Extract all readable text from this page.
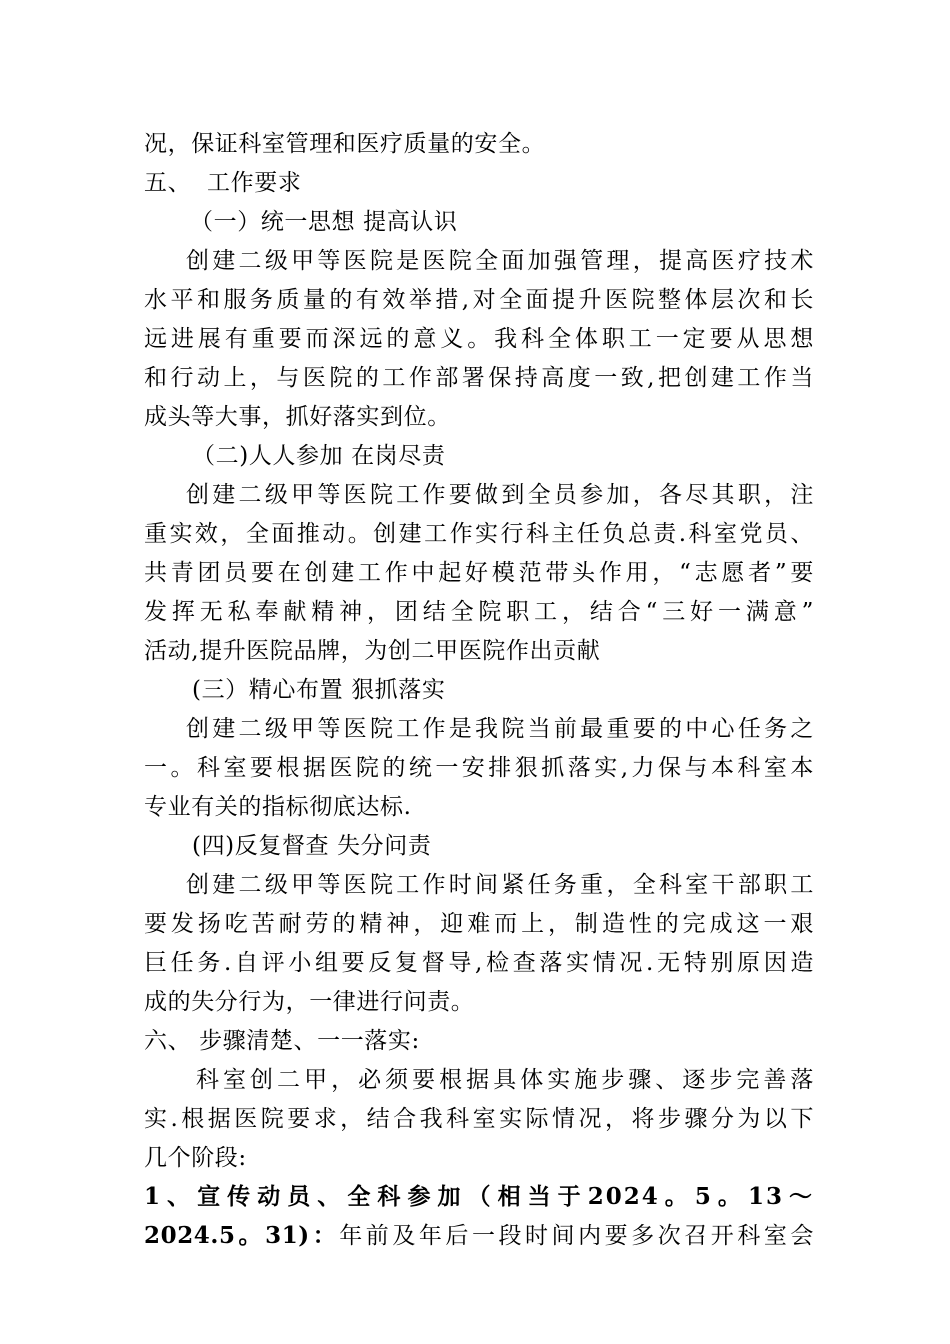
况，保证科室管理和医疗质量的安全。
五、  工作要求
（一）统一思想 提高认识
创建二级甲等医院是医院全面加强管理，提高医疗技术
水平和服务质量的有效举措,对全面提升医院整体层次和长
远进展有重要而深远的意义。我科全体职工一定要从思想
和行动上，与医院的工作部署保持高度一致,把创建工作当
成头等大事，抓好落实到位。
（二)人人参加 在岗尽责
创建二级甲等医院工作要做到全员参加，各尽其职，注
重实效，全面推动。创建工作实行科主任负总责.科室党员、
共青团员要在创建工作中起好模范带头作用，“志愿者”要
发挥无私奉献精神，团结全院职工，结合“三好一满意”
活动,提升医院品牌，为创二甲医院作出贡献
(三）精心布置 狠抓落实
创建二级甲等医院工作是我院当前最重要的中心任务之
一。科室要根据医院的统一安排狠抓落实,力保与本科室本
专业有关的指标彻底达标.
(四)反复督查 失分问责
创建二级甲等医院工作时间紧任务重，全科室干部职工
要发扬吃苦耐劳的精神，迎难而上，制造性的完成这一艰
巨任务.自评小组要反复督导,检查落实情况.无特别原因造
成的失分行为，一律进行问责。
六、 步骤清楚、一一落实:
科室创二甲，必须要根据具体实施步骤、逐步完善落
实.根据医院要求，结合我科室实际情况，将步骤分为以下
几个阶段:
1、宣传动员、全科参加（相当于2024。5。13～
2024.5。31)：年前及年后一段时间内要多次召开科室会
